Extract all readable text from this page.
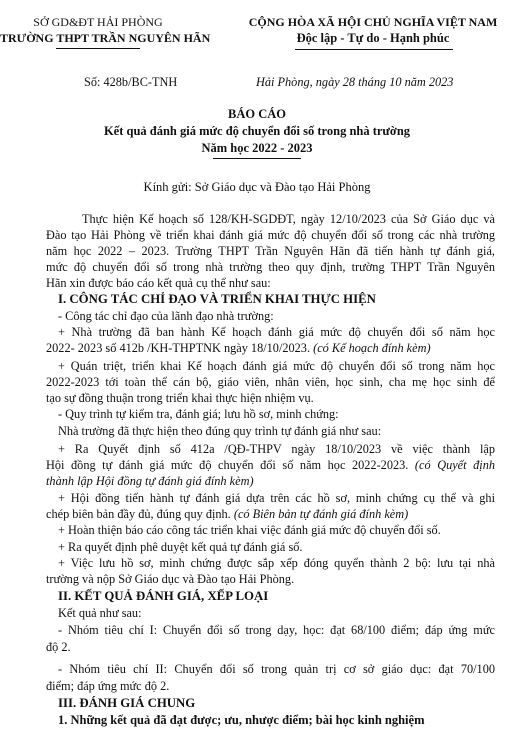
SỞ GD&ĐT HẢI PHÒNG
TRƯỜNG THPT TRẦN NGUYÊN HÃN
CỘNG HÒA XÃ HỘI CHỦ NGHĨA VIỆT NAM
Độc lập - Tự do - Hạnh phúc
Số: 428b/BC-TNH	Hải Phòng, ngày 28 tháng 10 năm 2023
BÁO CÁO
Kết quả đánh giá mức độ chuyển đổi số trong nhà trường
Năm học 2022 - 2023
Kính gửi: Sở Giáo dục và Đào tạo Hải Phòng
Thực hiện Kế hoạch số 128/KH-SGDĐT, ngày 12/10/2023 của Sở Giáo dục và
Đào tạo Hải Phòng về triển khai đánh giá mức độ chuyển đổi số trong các nhà trường
năm học 2022 – 2023. Trường THPT Trần Nguyên Hãn đã tiến hành tự đánh giá,
mức độ chuyển đổi số trong nhà trường theo quy định, trường THPT Trần Nguyên
Hãn xin được báo cáo kết quả cụ thể như sau:
I. CÔNG TÁC CHỈ ĐẠO VÀ TRIỂN KHAI THỰC HIỆN
- Công tác chỉ đạo của lãnh đạo nhà trường:
+ Nhà trường đã ban hành Kế hoạch đánh giá mức độ chuyển đổi số năm học
2022- 2023 số 412b /KH-THPTNK ngày 18/10/2023. (có Kế hoạch đính kèm)
+ Quán triệt, triển khai Kế hoạch đánh giá mức độ chuyển đổi số trong năm học
2022-2023 tới toàn thể cán bộ, giáo viên, nhân viên, học sinh, cha mẹ học sinh để
tạo sự đồng thuận trong triển khai thực hiện nhiệm vụ.
- Quy trình tự kiểm tra, đánh giá; lưu hồ sơ, minh chứng:
Nhà trường đã thực hiện theo đúng quy trình tự đánh giá như sau:
+ Ra Quyết định số 412a /QĐ-THPV ngày 18/10/2023 về việc thành lập
Hội đồng tự đánh giá mức độ chuyển đổi số năm học 2022-2023. (có Quyết định
thành lập Hội đồng tự đánh giá đính kèm)
+ Hội đồng tiến hành tự đánh giá dựa trên các hồ sơ, minh chứng cụ thể và ghi
chép biên bản đầy đủ, đúng quy định. (có Biên bản tự đánh giá đính kèm)
+ Hoàn thiện báo cáo công tác triển khai việc đánh giá mức độ chuyển đổi số.
+ Ra quyết định phê duyệt kết quả tự đánh giá số.
+ Việc lưu hồ sơ, minh chứng được sắp xếp đóng quyển thành 2 bộ: lưu tại nhà
trường và nộp Sở Giáo dục và Đào tạo Hải Phòng.
II. KẾT QUẢ ĐÁNH GIÁ, XẾP LOẠI
Kết quả như sau:
- Nhóm tiêu chí I: Chuyển đổi số trong dạy, học: đạt 68/100 điểm; đáp ứng mức
độ 2.
- Nhóm tiêu chí II: Chuyển đổi số trong quản trị cơ sở giáo dục: đạt 70/100
điểm; đáp ứng mức độ 2.
III. ĐÁNH GIÁ CHUNG
1. Những kết quả đã đạt được; ưu, nhược điểm; bài học kinh nghiệm
